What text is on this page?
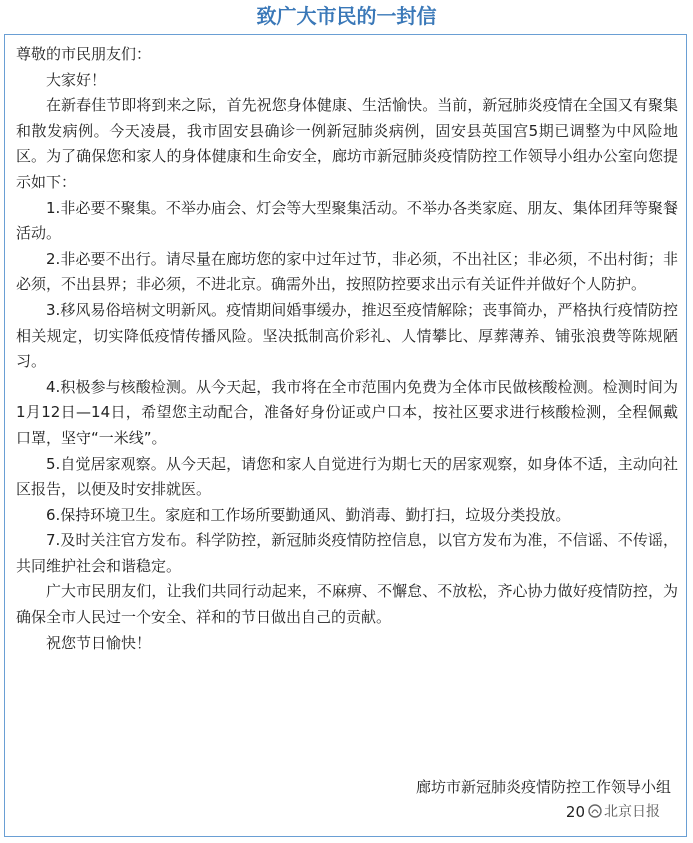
致广大市民的一封信

尊敬的市民朋友们：

大家好！

在新春佳节即将到来之际，首先祝您身体健康、生活愉快。当前，新冠肺炎疫情在全国又有聚集和散发病例。今天凌晨，我市固安县确诊一例新冠肺炎病例，固安县英国宫5期已调整为中风险地区。为了确保您和家人的身体健康和生命安全，廊坊市新冠肺炎疫情防控工作领导小组办公室向您提示如下：

1.非必要不聚集。不举办庙会、灯会等大型聚集活动。不举办各类家庭、朋友、集体团拜等聚餐活动。

2.非必要不出行。请尽量在廊坊您的家中过年过节，非必须，不出社区；非必须，不出村街；非必须，不出县界；非必须，不进北京。确需外出，按照防控要求出示有关证件并做好个人防护。

3.移风易俗培树文明新风。疫情期间婚事缓办，推迟至疫情解除；丧事简办，严格执行疫情防控相关规定，切实降低疫情传播风险。坚决抵制高价彩礼、人情攀比、厚葬薄养、铺张浪费等陈规陋习。

4.积极参与核酸检测。从今天起，我市将在全市范围内免费为全体市民做核酸检测。检测时间为1月12日—14日，希望您主动配合，准备好身份证或户口本，按社区要求进行核酸检测，全程佩戴口罩，坚守“一米线”。

5.自觉居家观察。从今天起，请您和家人自觉进行为期七天的居家观察，如身体不适，主动向社区报告，以便及时安排就医。

6.保持环境卫生。家庭和工作场所要勤通风、勤消毒、勤打扫，垃圾分类投放。

7.及时关注官方发布。科学防控，新冠肺炎疫情防控信息，以官方发布为准，不信谣、不传谣，共同维护社会和谐稳定。

广大市民朋友们，让我们共同行动起来，不麻痹、不懈怠、不放松，齐心协力做好疫情防控，为确保全市人民过一个安全、祥和的节日做出自己的贡献。

祝您节日愉快！

廊坊市新冠肺炎疫情防控工作领导小组
20	北京日报
